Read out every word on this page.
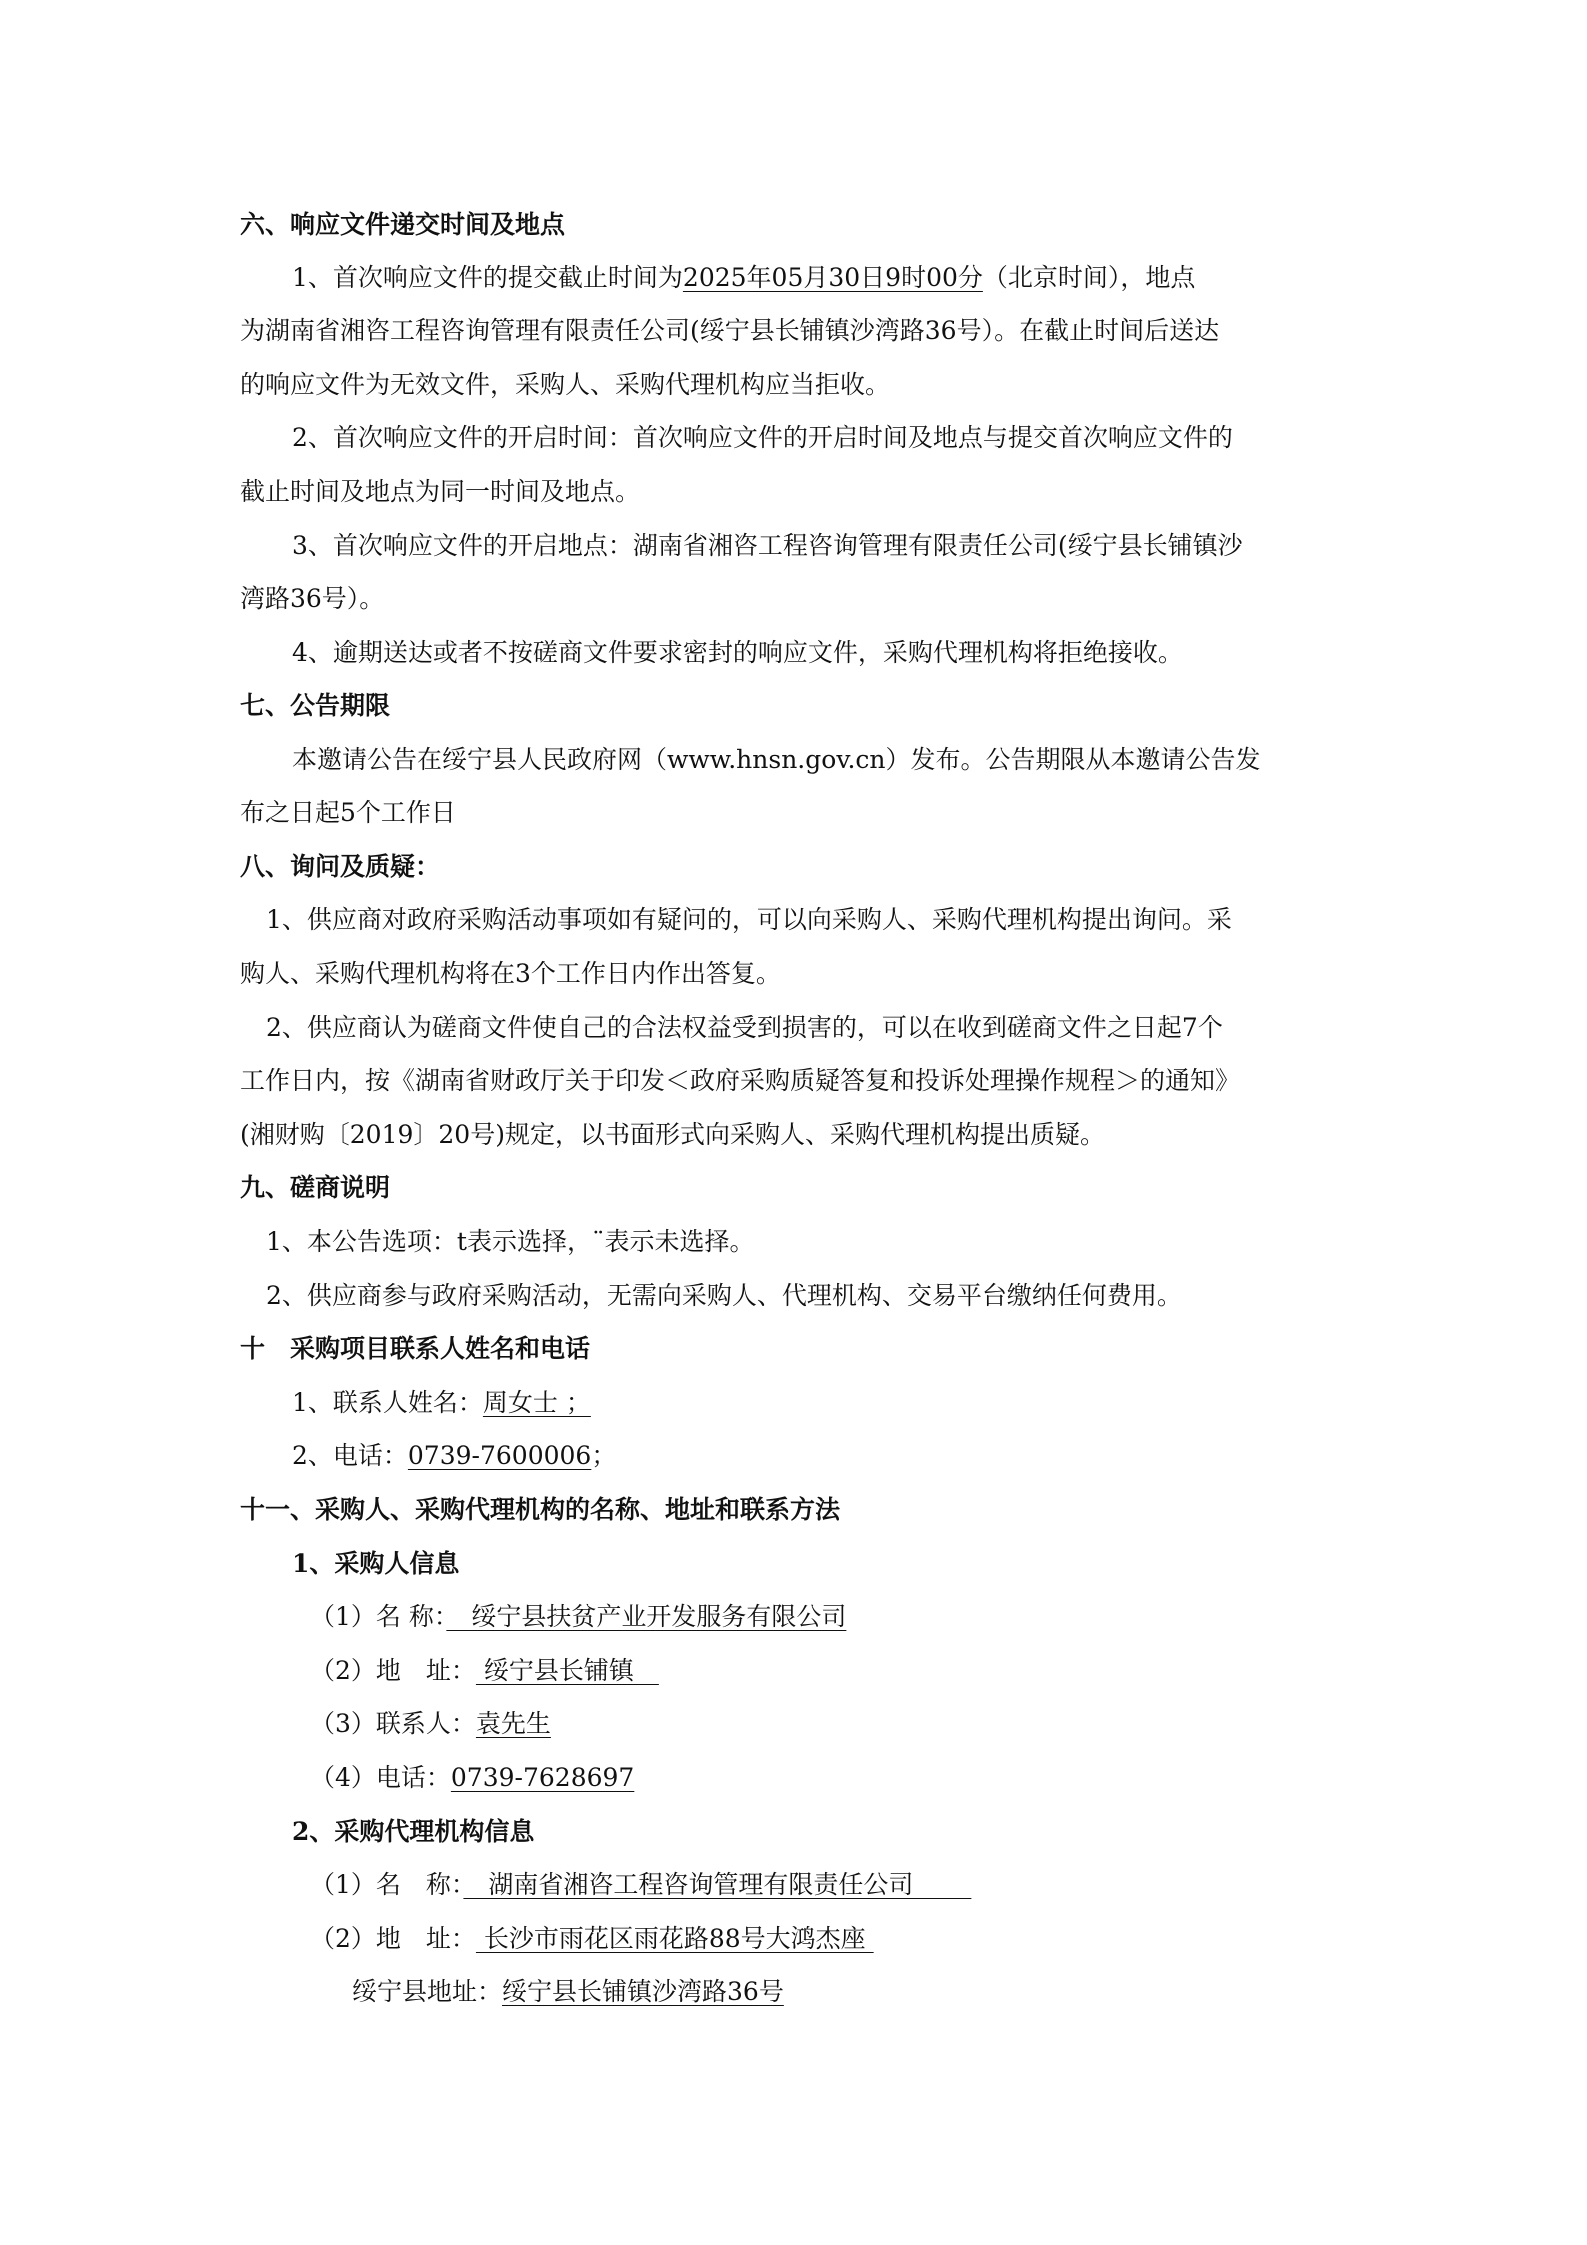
六、响应文件递交时间及地点
1、首次响应文件的提交截止时间为2025年05月30日9时00分（北京时间），地点
为湖南省湘咨工程咨询管理有限责任公司(绥宁县长铺镇沙湾路36号）。在截止时间后送达
的响应文件为无效文件，采购人、采购代理机构应当拒收。
2、首次响应文件的开启时间：首次响应文件的开启时间及地点与提交首次响应文件的
截止时间及地点为同一时间及地点。
3、首次响应文件的开启地点：湖南省湘咨工程咨询管理有限责任公司(绥宁县长铺镇沙
湾路36号）。
4、逾期送达或者不按磋商文件要求密封的响应文件，采购代理机构将拒绝接收。
七、公告期限
本邀请公告在绥宁县人民政府网（www.hnsn.gov.cn）发布。公告期限从本邀请公告发
布之日起5个工作日
八、询问及质疑：
1、供应商对政府采购活动事项如有疑问的，可以向采购人、采购代理机构提出询问。采
购人、采购代理机构将在3个工作日内作出答复。
2、供应商认为磋商文件使自己的合法权益受到损害的，可以在收到磋商文件之日起7个
工作日内，按《湖南省财政厅关于印发＜政府采购质疑答复和投诉处理操作规程＞的通知》
(湘财购〔2019〕20号)规定，以书面形式向采购人、采购代理机构提出质疑。
九、磋商说明
1、本公告选项：t表示选择，¨表示未选择。
2、供应商参与政府采购活动，无需向采购人、代理机构、交易平台缴纳任何费用。
十　采购项目联系人姓名和电话
1、联系人姓名：周女士 ；
2、电话：0739-7600006；
十一、采购人、采购代理机构的名称、地址和联系方法
1、采购人信息
（1）名 称：　绥宁县扶贫产业开发服务有限公司
（2）地　址： 绥宁县长铺镇　
（3）联系人：袁先生
（4）电话：0739-7628697
2、采购代理机构信息
（1）名　称：　湖南省湘咨工程咨询管理有限责任公司　　
（2）地　址： 长沙市雨花区雨花路88号大鸿杰座
绥宁县地址：绥宁县长铺镇沙湾路36号
